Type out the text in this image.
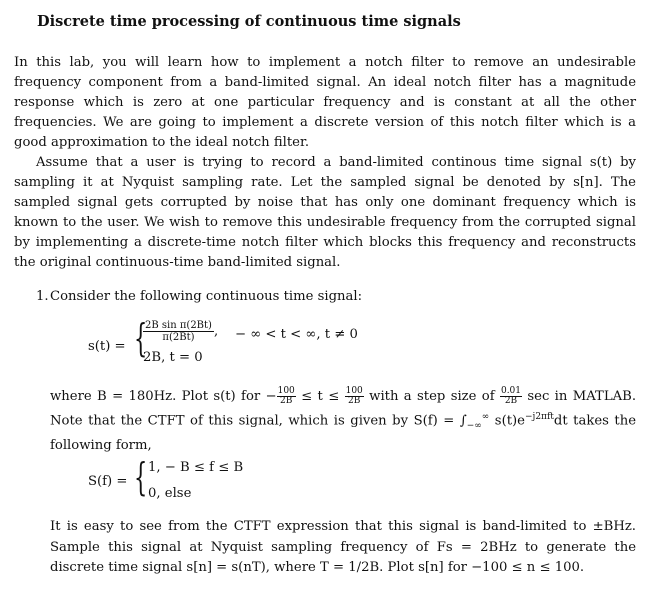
Discrete time processing of continuous time signals

In this lab, you will learn how to implement a notch filter to remove an undesirable frequency component from a band-limited signal. An ideal notch filter has a magnitude response which is zero at one particular frequency and is constant at all the other frequencies. We are going to implement a discrete version of this notch filter which is a good approximation to the ideal notch filter.

Assume that a user is trying to record a band-limited continous time signal s(t) by sampling it at Nyquist sampling rate. Let the sampled signal be denoted by s[n]. The sampled signal gets corrupted by noise that has only one dominant frequency which is known to the user. We wish to remove this undesirable frequency from the corrupted signal by implementing a discrete-time notch filter which blocks this frequency and reconstructs the original continuous-time band-limited signal.

1. Consider the following continuous time signal:
s(t) = {
$\frac{\text{2B sin π(2Bt)}}{\pi(2Bt)}$ , − ∞ < t < ∞, t ≠ 0
2B, t = 0

where B = 180Hz. Plot s(t) for − $\frac{100}{2B} \le t \le \frac{100}{2B}$ with a step size of $\frac{0.01}{2B}$ sec in MATLAB. Note that the CTFT of this signal, which is given by $S(f) = \int_{-\infty}^\infty$ $s(t)e^{-j2\pi ft}dt$ takes the following form,

S(f) = { 1, − B ≤ f ≤ B
0, else

It is easy to see from the CTFT expression that this signal is band-limited to ±BHz. Sample this signal at Nyquist sampling frequency of Fs = 2BHz to generate the discrete time signal s[n] = s(nT), where T = 1/2B. Plot s[n] for −100 ≤ n ≤ 100.
